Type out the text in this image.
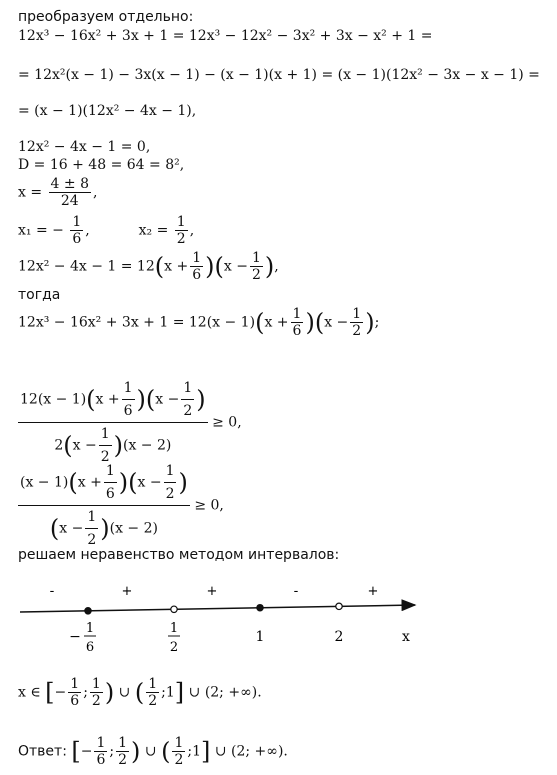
преобразуем отдельно:
12x³ − 16x² + 3x + 1 = 12x³ − 12x² − 3x² + 3x − x² + 1 =
= 12x²(x − 1) − 3x(x − 1) − (x − 1)(x + 1) = (x − 1)(12x² − 3x − x − 1) =
= (x − 1)(12x² − 4x − 1),
12x² − 4x − 1 = 0,
D = 16 + 48 = 64 = 8²,
$x = \frac{4 \pm 8}{24}$ ,
x₁ = − $\frac{1}{6}$ ,	$x_2 = \frac{1}{2}$ ,
$12x^2 - 4x - 1 = 12(x + \frac{1}{6} )(x - \frac{1}{2}$ ),
тогда
$12x^3 - 16x^2 + 3x + 1 = 12(x - 1)(x + \frac{1}{6} )(x - \frac{1}{2}$ );
$\frac{12(x - 1)(x + \frac{1}{6} )(x - \frac{1}{2} )}{2(x - \frac{1}{2} )(x - 2)} \ge 0$,
$\frac{(x - 1)(x + \frac{1}{6} )(x - \frac{1}{2} )}{(x - \frac{1}{2} )(x - 2)} \ge 0$,
решаем неравенство методом интервалов:
-	+	+	-	+
−
1
6
1
2
1	2	x
x ∈ [− $\frac{1}{6}$ ; $\frac{1}{2}$ ) ∪ ( $\frac{1}{2}$ ;1] ∪ (2; +∞).
Ответ: [− $\frac{1}{6}$ ; $\frac{1}{2}$ ) ∪ ( $\frac{1}{2}$ ;1] ∪ (2; +∞).
